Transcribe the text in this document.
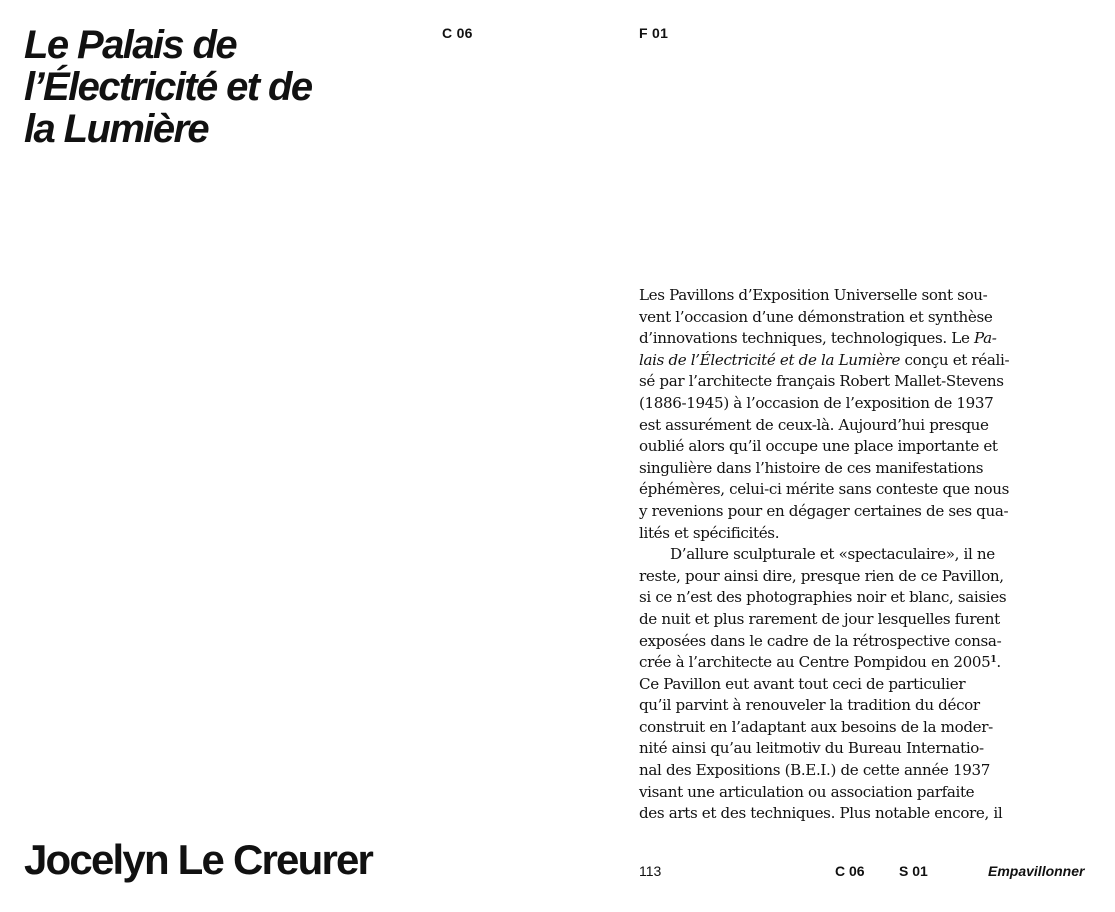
Le Palais de
l’Électricité et de
la Lumière
C 06	F 01
Les Pavillons d’Exposition Universelle sont sou-
vent l’occasion d’une démonstration et synthèse
d’innovations techniques, technologiques. Le Pa-
lais de l’Électricité et de la Lumière conçu et réali-
sé par l’architecte français Robert Mallet-Stevens
(1886-1945) à l’occasion de l’exposition de 1937
est assurément de ceux-là. Aujourd’hui presque
oublié alors qu’il occupe une place importante et
singulière dans l’histoire de ces manifestations
éphémères, celui-ci mérite sans conteste que nous
y revenions pour en dégager certaines de ses qua-
lités et spécificités.
D’allure sculpturale et «spectaculaire», il ne
reste, pour ainsi dire, presque rien de ce Pavillon,
si ce n’est des photographies noir et blanc, saisies
de nuit et plus rarement de jour lesquelles furent
exposées dans le cadre de la rétrospective consa-
crée à l’architecte au Centre Pompidou en 2005$^1$.
Ce Pavillon eut avant tout ceci de particulier
qu’il parvint à renouveler la tradition du décor
construit en l’adaptant aux besoins de la moder-
nité ainsi qu’au leitmotiv du Bureau Internatio-
nal des Expositions (B.E.I.) de cette année 1937
visant une articulation ou association parfaite
des arts et des techniques. Plus notable encore, il
Jocelyn Le Creurer	113	C 06 S 01	Empavillonner
